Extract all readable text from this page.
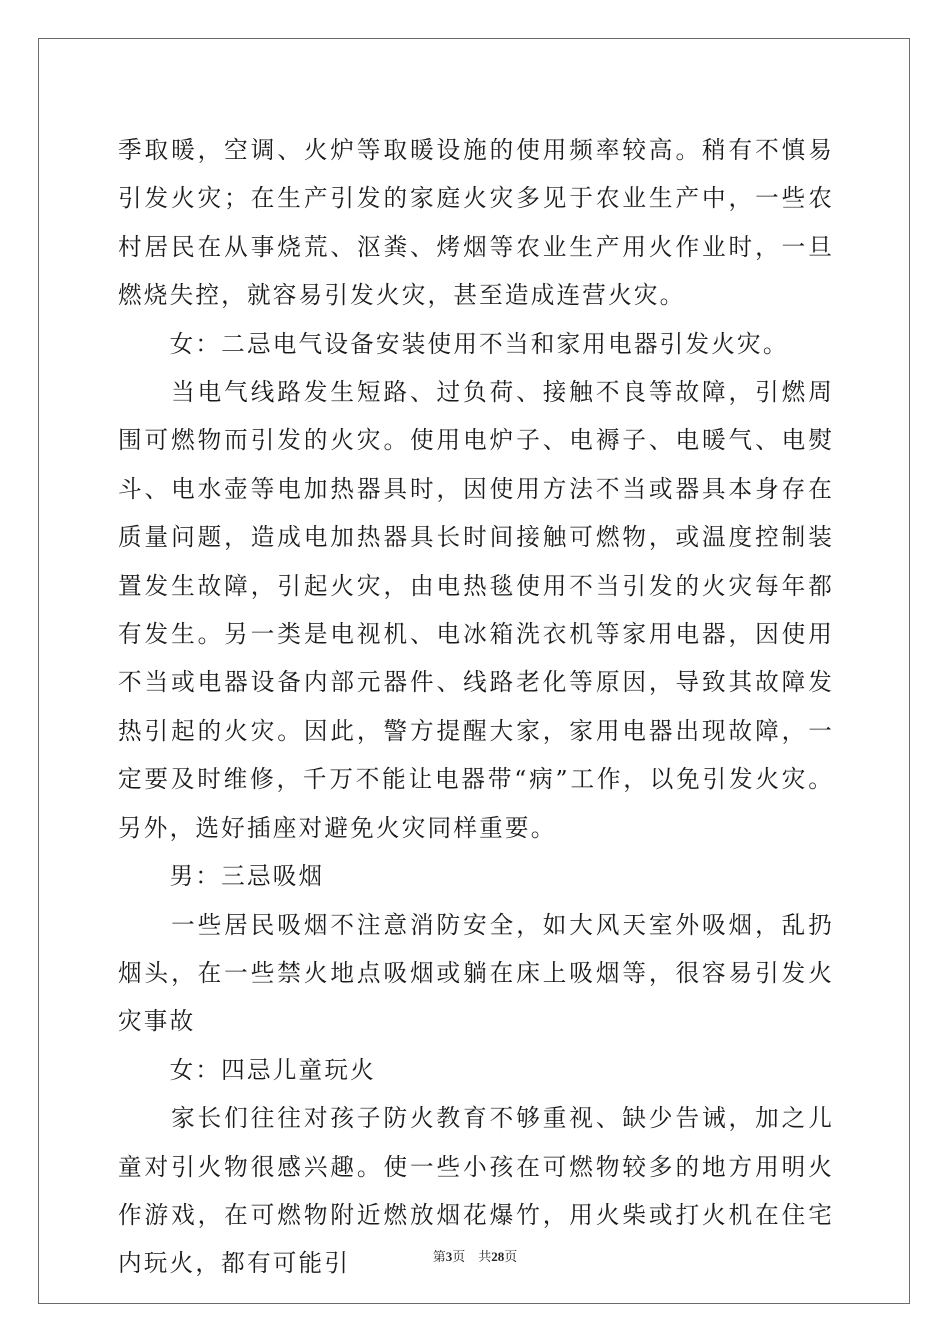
季取暖，空调、火炉等取暖设施的使用频率较高。稍有不慎易引发火灾；在生产引发的家庭火灾多见于农业生产中，一些农村居民在从事烧荒、沤粪、烤烟等农业生产用火作业时，一旦燃烧失控，就容易引发火灾，甚至造成连营火灾。

　　女：二忌电气设备安装使用不当和家用电器引发火灾。

　　当电气线路发生短路、过负荷、接触不良等故障，引燃周围可燃物而引发的火灾。使用电炉子、电褥子、电暖气、电熨斗、电水壶等电加热器具时，因使用方法不当或器具本身存在质量问题，造成电加热器具长时间接触可燃物，或温度控制装置发生故障，引起火灾，由电热毯使用不当引发的火灾每年都有发生。另一类是电视机、电冰箱洗衣机等家用电器，因使用不当或电器设备内部元器件、线路老化等原因，导致其故障发热引起的火灾。因此，警方提醒大家，家用电器出现故障，一定要及时维修，千万不能让电器带“病”工作，以免引发火灾。另外，选好插座对避免火灾同样重要。

　　男：三忌吸烟

　　一些居民吸烟不注意消防安全，如大风天室外吸烟，乱扔烟头，在一些禁火地点吸烟或躺在床上吸烟等，很容易引发火灾事故

　　女：四忌儿童玩火

　　家长们往往对孩子防火教育不够重视、缺少告诫，加之儿童对引火物很感兴趣。使一些小孩在可燃物较多的地方用明火作游戏，在可燃物附近燃放烟花爆竹，用火柴或打火机在住宅内玩火，都有可能引	第3页 共28页
